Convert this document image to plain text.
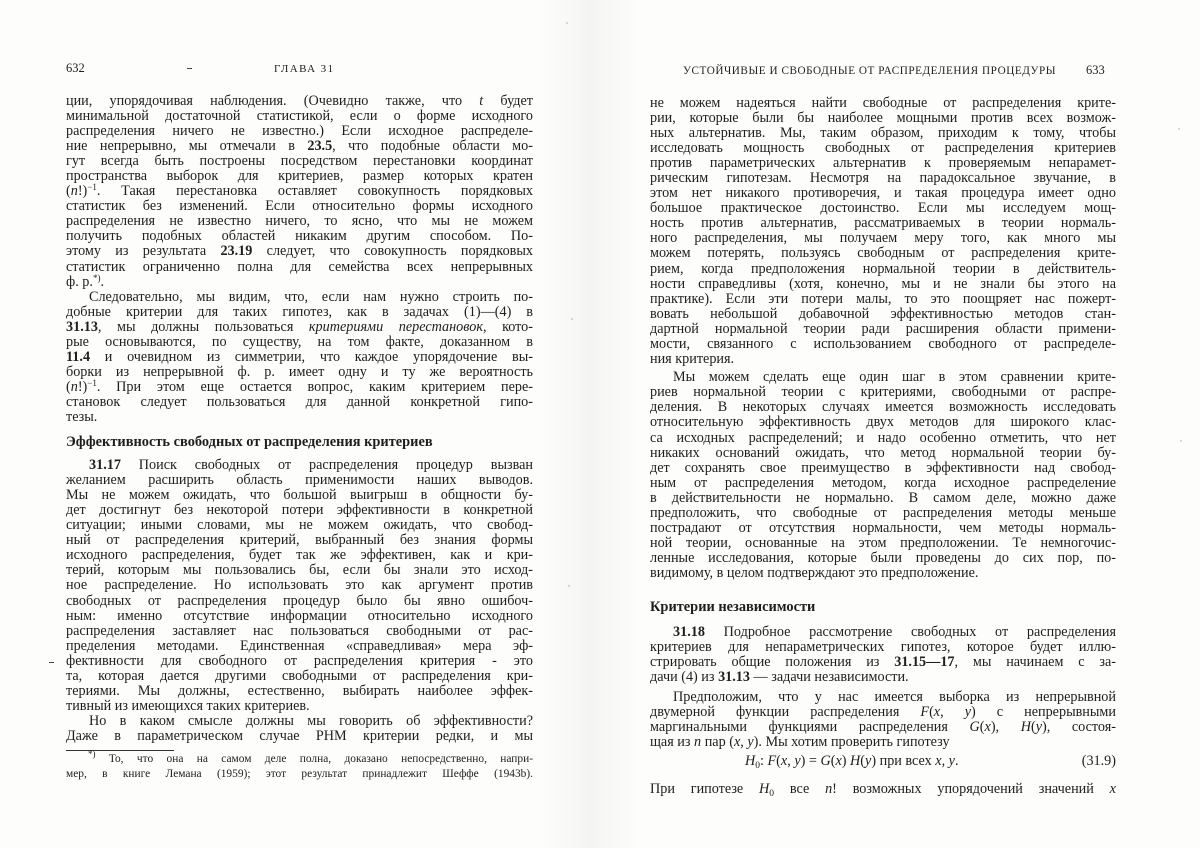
632	ГЛАВА 31	УСТОЙЧИВЫЕ И СВОБОДНЫЕ ОТ РАСПРЕДЕЛЕНИЯ ПРОЦЕДУРЫ 633
ции, упорядочивая наблюдения. (Очевидно также, что t будет
минимальной достаточной статистикой, если о форме исходного
распределения ничего не известно.) Если исходное распределе-
ние непрерывно, мы отмечали в 23.5, что подобные области мо-
гут всегда быть построены посредством перестановки координат
пространства выборок для критериев, размер которых кратен
$(n!)^{-1}$. Такая перестановка оставляет совокупность порядковых
статистик без изменений. Если относительно формы исходного
распределения не известно ничего, то ясно, что мы не можем
получить подобных областей никаким другим способом. По-
этому из результата 23.19 следует, что совокупность порядковых
статистик ограниченно полна для семейства всех непрерывных
ф. р.*).
Следовательно, мы видим, что, если нам нужно строить по-
добные критерии для таких гипотез, как в задачах (1)—(4) в
31.13, мы должны пользоваться критериями перестановок, кото-
рые основываются, по существу, на том факте, доказанном в
11.4 и очевидном из симметрии, что каждое упорядочение вы-
борки из непрерывной ф. р. имеет одну и ту же вероятность
$(n!)^{-1}$. При этом еще остается вопрос, каким критерием пере-
становок следует пользоваться для данной конкретной гипо-
тезы.
Эффективность свободных от распределения критериев
31.17 Поиск свободных от распределения процедур вызван
желанием расширить область применимости наших выводов.
Мы не можем ожидать, что большой выигрыш в общности бу-
дет достигнут без некоторой потери эффективности в конкретной
ситуации; иными словами, мы не можем ожидать, что свобод-
ный от распределения критерий, выбранный без знания формы
исходного распределения, будет так же эффективен, как и кри-
терий, которым мы пользовались бы, если бы знали это исход-
ное распределение. Но использовать это как аргумент против
свободных от распределения процедур было бы явно ошибоч-
ным: именно отсутствие информации относительно исходного
распределения заставляет нас пользоваться свободными от рас-
пределения методами. Единственная «справедливая» мера эф-
фективности для свободного от распределения критерия - это
та, которая дается другими свободными от распределения кри-
териями. Мы должны, естественно, выбирать наиболее эффек-
тивный из имеющихся таких критериев.
Но в каком смысле должны мы говорить об эффективности?
Даже в параметрическом случае РНМ критерии редки, и мы
не можем надеяться найти свободные от распределения крите-
рии, которые были бы наиболее мощными против всех возмож-
ных альтернатив. Мы, таким образом, приходим к тому, чтобы
исследовать мощность свободных от распределения критериев
против параметрических альтернатив к проверяемым непарамет-
рическим гипотезам. Несмотря на парадоксальное звучание, в
этом нет никакого противоречия, и такая процедура имеет одно
большое практическое достоинство. Если мы исследуем мощ-
ность против альтернатив, рассматриваемых в теории нормаль-
ного распределения, мы получаем меру того, как много мы
можем потерять, пользуясь свободным от распределения крите-
рием, когда предположения нормальной теории в действитель-
ности справедливы (хотя, конечно, мы и не знали бы этого на
практике). Если эти потери малы, то это поощряет нас пожерт-
вовать небольшой добавочной эффективностью методов стан-
дартной нормальной теории ради расширения области примени-
мости, связанного с использованием свободного от распределе-
ния критерия.
Мы можем сделать еще один шаг в этом сравнении крите-
риев нормальной теории с критериями, свободными от распре-
деления. В некоторых случаях имеется возможность исследовать
относительную эффективность двух методов для широкого клас-
са исходных распределений; и надо особенно отметить, что нет
никаких оснований ожидать, что метод нормальной теории бу-
дет сохранять свое преимущество в эффективности над свобод-
ным от распределения методом, когда исходное распределение
в действительности не нормально. В самом деле, можно даже
предположить, что свободные от распределения методы меньше
пострадают от отсутствия нормальности, чем методы нормаль-
ной теории, основанные на этом предположении. Те немногочис-
ленные исследования, которые были проведены до сих пор, по-
видимому, в целом подтверждают это предположение.
Критерии независимости
31.18 Подробное рассмотрение свободных от распределения
критериев для непараметрических гипотез, которое будет иллю-
стрировать общие положения из 31.15—17, мы начинаем с за-
дачи (4) из 31.13 — задачи независимости.
Предположим, что у нас имеется выборка из непрерывной
двумерной функции распределения F(x, y) с непрерывными
маргинальными функциями распределения G(x), H(y), состоя-
щая из n пар (x, y). Мы хотим проверить гипотезу
$H_0$: F(x, y) = G(x) H(y) при всех x, y.	(31.9)
При гипотезе $H_0$ все n! возможных упорядочений значений x
*) То, что она на самом деле полна, доказано непосредственно, напри-
мер, в книге Лемана (1959); этот результат принадлежит Шеффе (1943b).
